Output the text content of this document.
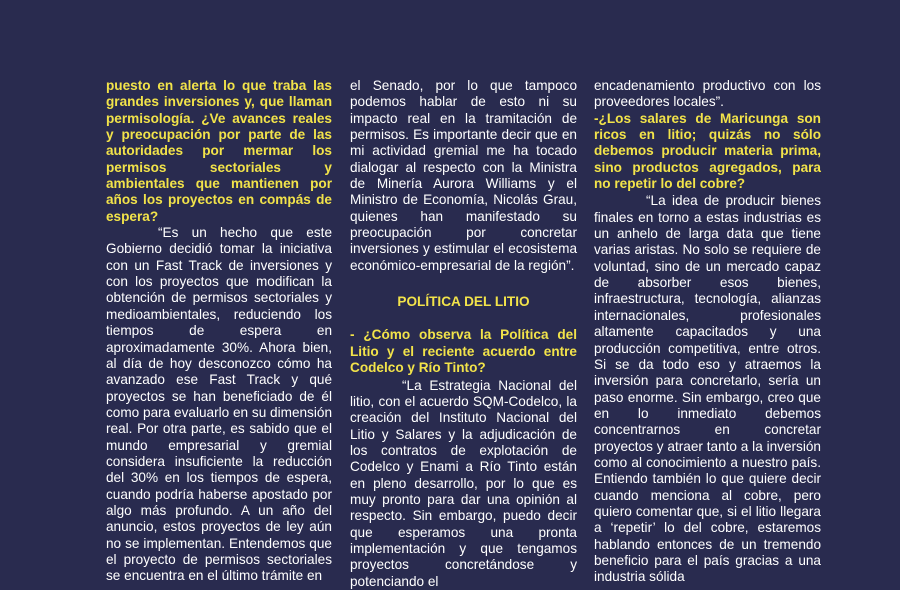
puesto en alerta lo que traba las grandes inversiones y, que llaman permisología. ¿Ve avances reales y preocupación por parte de las autoridades por mermar los permisos sectoriales y ambientales que mantienen por años los proyectos en compás de espera?

“Es un hecho que este Gobierno decidió tomar la iniciativa con un Fast Track de inversiones y con los proyectos que modifican la obtención de permisos sectoriales y medioambientales, reduciendo los tiempos de espera en aproximadamente 30%. Ahora bien, al día de hoy desconozco cómo ha avanzado ese Fast Track y qué proyectos se han beneficiado de él como para evaluarlo en su dimensión real. Por otra parte, es sabido que el mundo empresarial y gremial considera insuficiente la reducción del 30% en los tiempos de espera, cuando podría haberse apostado por algo más profundo. A un año del anuncio, estos proyectos de ley aún no se implementan. Entendemos que el proyecto de permisos sectoriales se encuentra en el último trámite en

el Senado, por lo que tampoco podemos hablar de esto ni su impacto real en la tramitación de permisos. Es importante decir que en mi actividad gremial me ha tocado dialogar al respecto con la Ministra de Minería Aurora Williams y el Ministro de Economía, Nicolás Grau, quienes han manifestado su preocupación por concretar inversiones y estimular el ecosistema económico-empresarial de la región”.

POLÍTICA DEL LITIO

- ¿Cómo observa la Política del Litio y el reciente acuerdo entre Codelco y Río Tinto?

“La Estrategia Nacional del litio, con el acuerdo SQM-Codelco, la creación del Instituto Nacional del Litio y Salares y la adjudicación de los contratos de explotación de Codelco y Enami a Río Tinto están en pleno desarrollo, por lo que es muy pronto para dar una opinión al respecto. Sin embargo, puedo decir que esperamos una pronta implementación y que tengamos proyectos concretándose y potenciando el

encadenamiento productivo con los proveedores locales”.

-¿Los salares de Maricunga son ricos en litio; quizás no sólo debemos producir materia prima, sino productos agregados, para no repetir lo del cobre?

“La idea de producir bienes finales en torno a estas industrias es un anhelo de larga data que tiene varias aristas. No solo se requiere de voluntad, sino de un mercado capaz de absorber esos bienes, infraestructura, tecnología, alianzas internacionales, profesionales altamente capacitados y una producción competitiva, entre otros. Si se da todo eso y atraemos la inversión para concretarlo, sería un paso enorme. Sin embargo, creo que en lo inmediato debemos concentrarnos en concretar proyectos y atraer tanto a la inversión como al conocimiento a nuestro país. Entiendo también lo que quiere decir cuando menciona al cobre, pero quiero comentar que, si el litio llegara a ‘repetir’ lo del cobre, estaremos hablando entonces de un tremendo beneficio para el país gracias a una industria sólida
